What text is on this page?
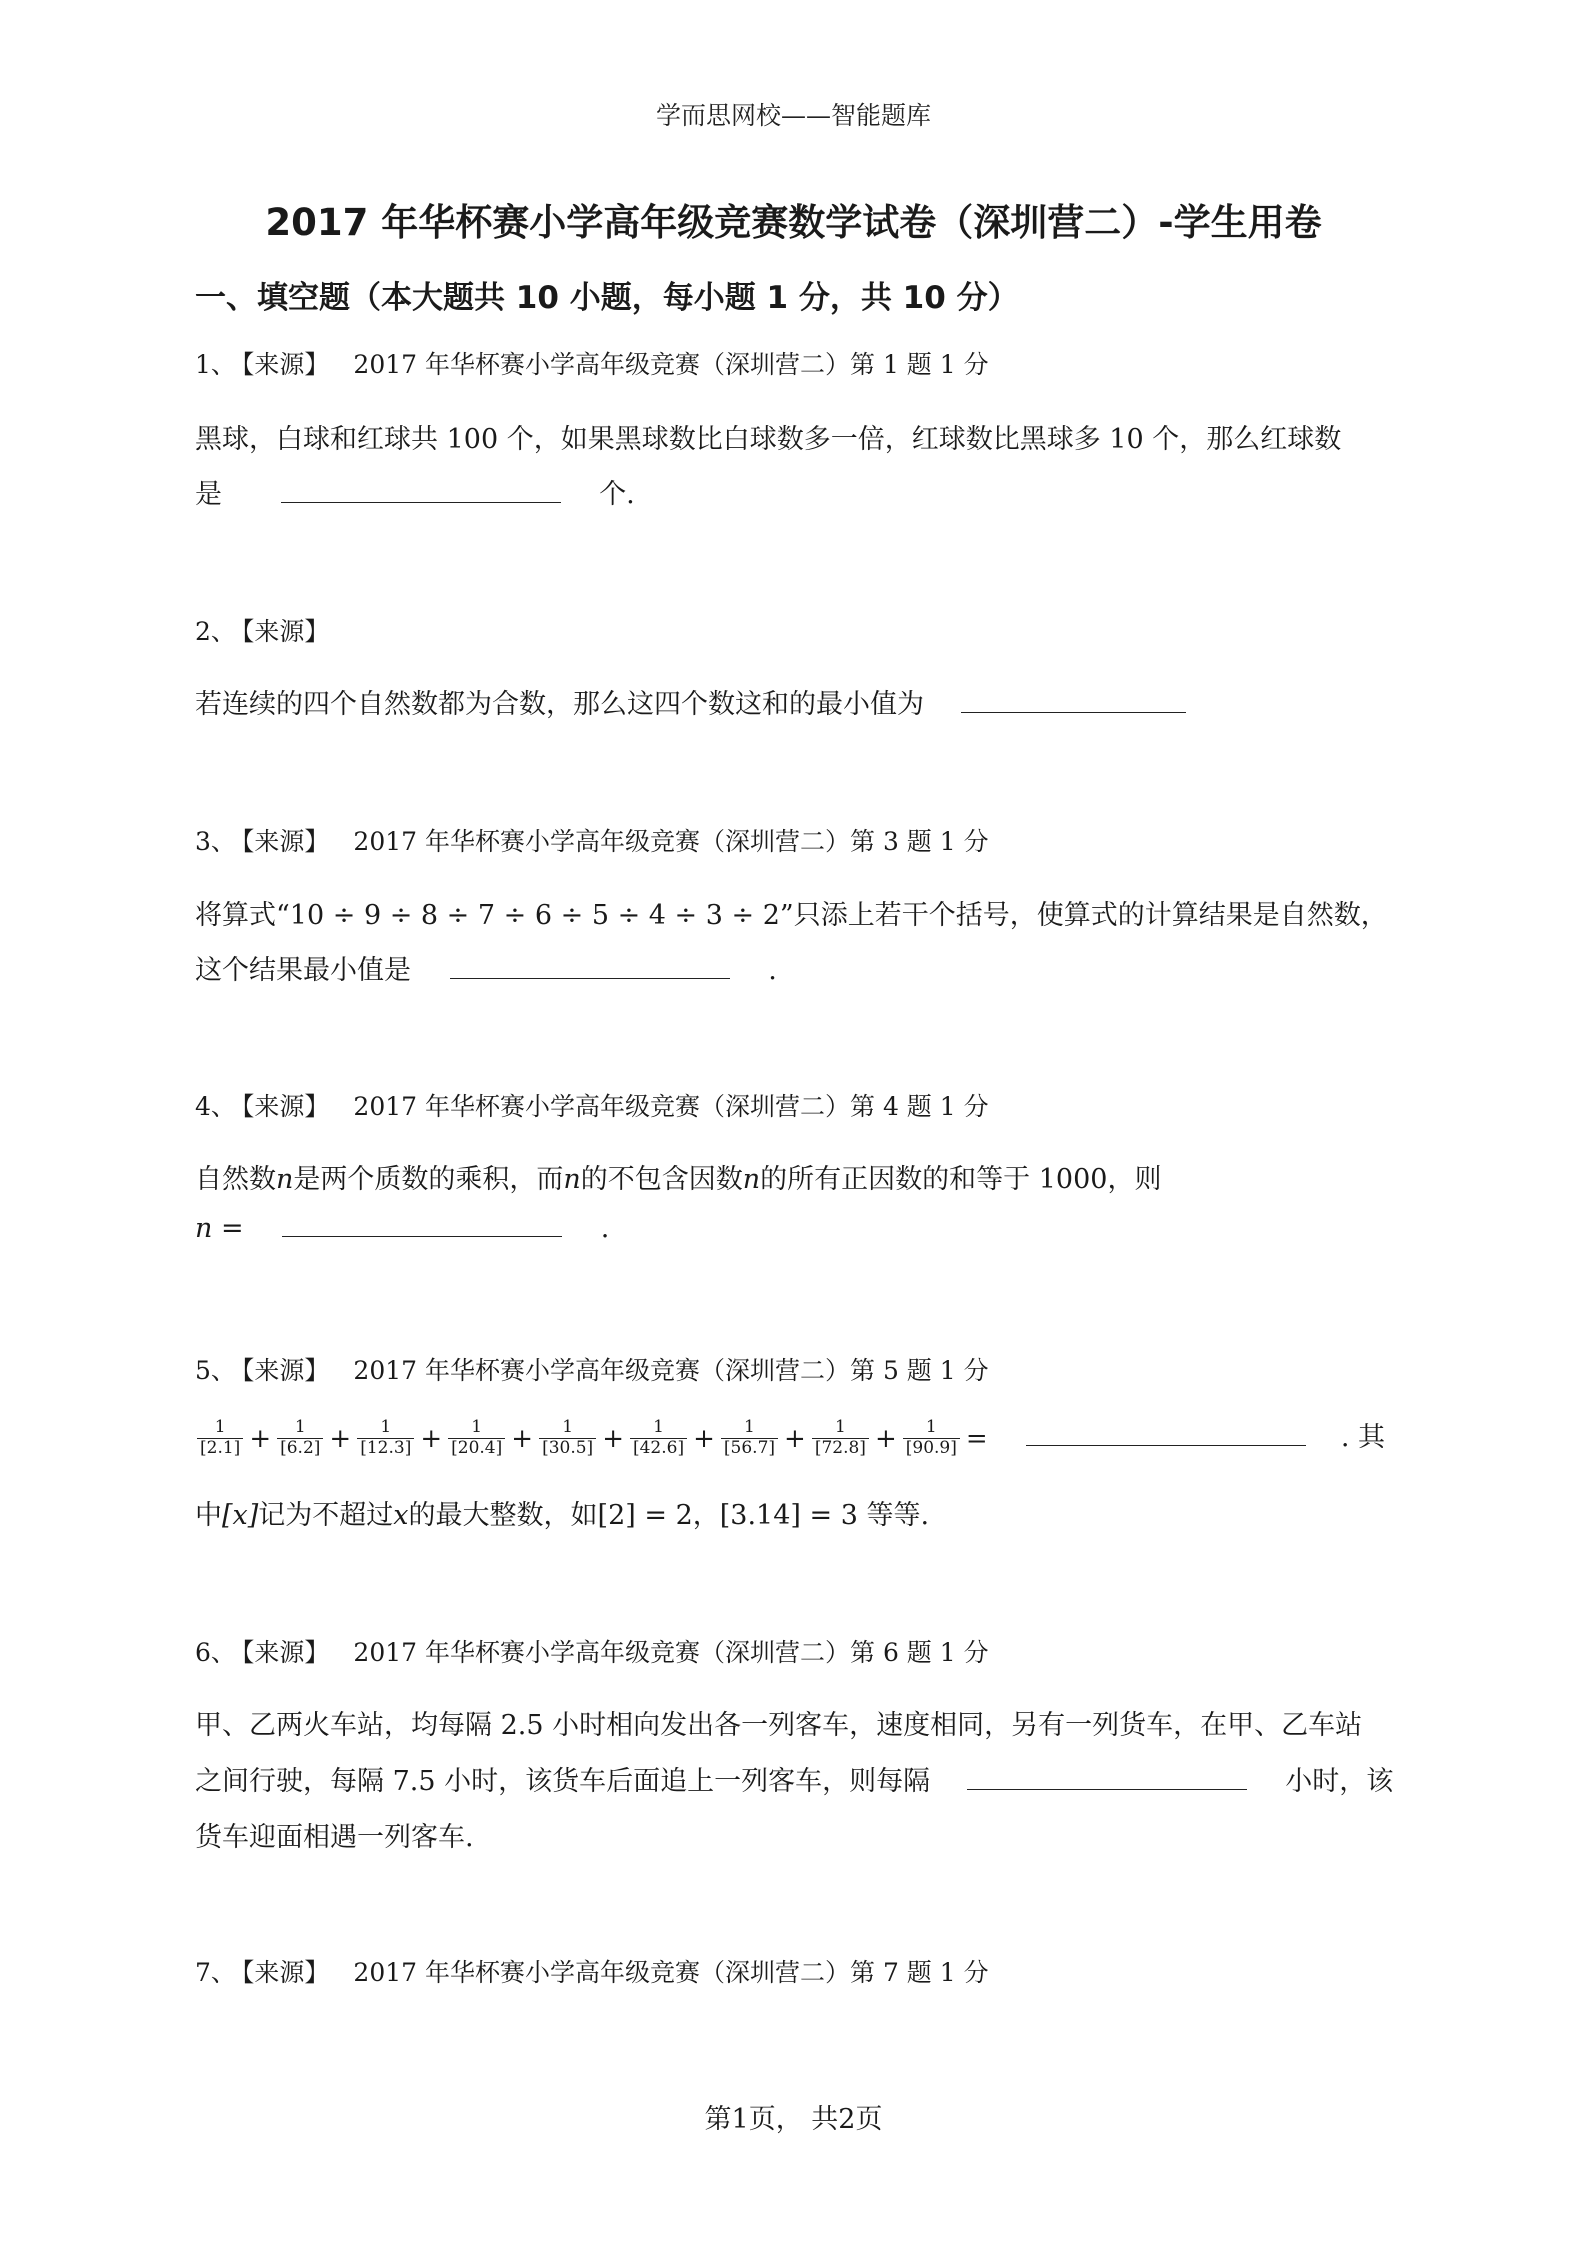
学而思网校——智能题库
2017 年华杯赛小学高年级竞赛数学试卷（深圳营二）-学生用卷
一、填空题（本大题共 10 小题，每小题 1 分，共 10 分）
1、 【来源】 2017 年华杯赛小学高年级竞赛（深圳营二）第 1 题 1 分
黑球，白球和红球共 100 个，如果黑球数比白球数多一倍，红球数比黑球多 10 个，那么红球数
是	个.
2、 【来源】
若连续的四个自然数都为合数，那么这四个数这和的最小值为
3、 【来源】 2017 年华杯赛小学高年级竞赛（深圳营二）第 3 题 1 分
将算式“10 ÷ 9 ÷ 8 ÷ 7 ÷ 6 ÷ 5 ÷ 4 ÷ 3 ÷ 2”只添上若干个括号，使算式的计算结果是自然数，
这个结果最小值是	.
4、 【来源】 2017 年华杯赛小学高年级竞赛（深圳营二）第 4 题 1 分
自然数n是两个质数的乘积，而n的不包含因数n的所有正因数的和等于 1000，则
n =	.
5、 【来源】 2017 年华杯赛小学高年级竞赛（深圳营二）第 5 题 1 分
$\frac{1}{[2.1]} + \frac{1}{[6.2]} + \frac{1}{[12.3]} + \frac{1}{[20.4]} + \frac{1}{[30.5]} + \frac{1}{[42.6]} + \frac{1}{[56.7]} + \frac{1}{[72.8]} + \frac{1}{[90.9]}$ =	. 其
中[x]记为不超过x的最大整数，如[2] = 2，[3.14] = 3 等等.
6、 【来源】 2017 年华杯赛小学高年级竞赛（深圳营二）第 6 题 1 分
甲、乙两火车站，均每隔 2.5 小时相向发出各一列客车，速度相同，另有一列货车，在甲、乙车站
之间行驶，每隔 7.5 小时，该货车后面追上一列客车，则每隔	小时，该
货车迎面相遇一列客车.
7、 【来源】 2017 年华杯赛小学高年级竞赛（深圳营二）第 7 题 1 分
第1页， 共2页
